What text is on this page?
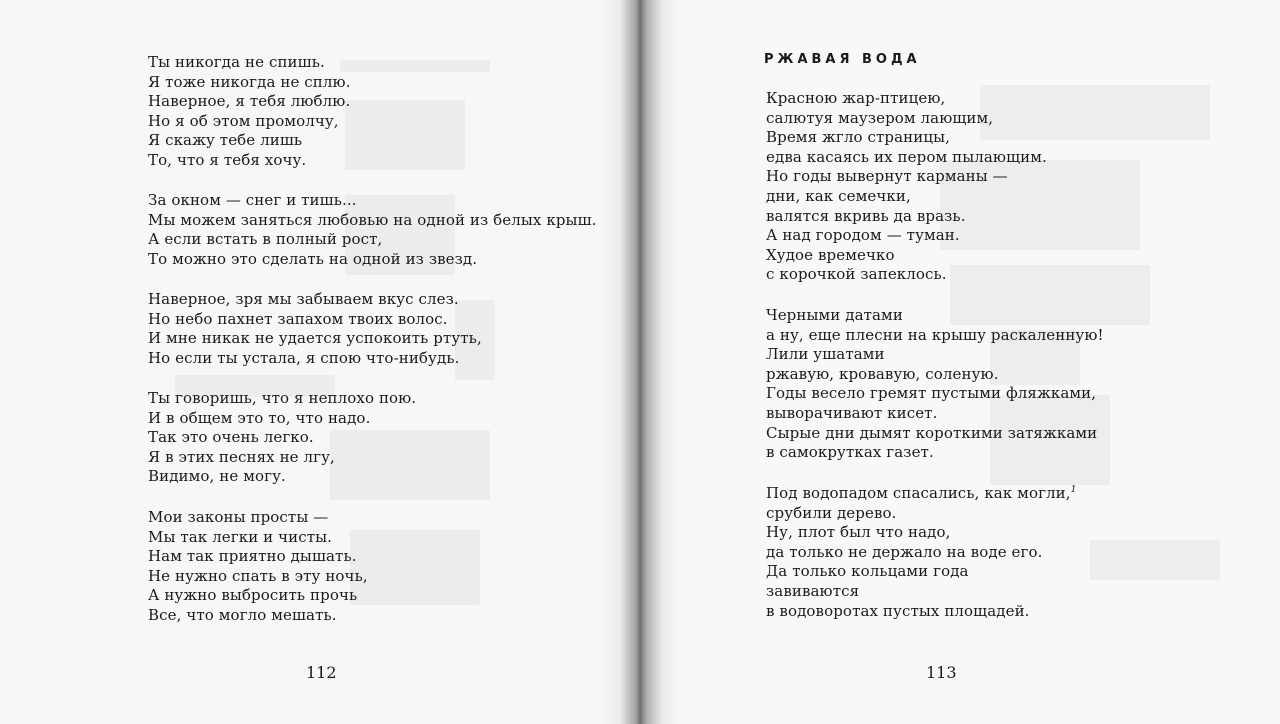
Ты никогда не спишь.
Я тоже никогда не сплю.
Наверное, я тебя люблю.
Но я об этом промолчу,
Я скажу тебе лишь
То, что я тебя хочу.
За окном — снег и тишь...
Мы можем заняться любовью на одной из белых крыш.
А если встать в полный рост,
То можно это сделать на одной из звезд.
Наверное, зря мы забываем вкус слез.
Но небо пахнет запахом твоих волос.
И мне никак не удается успокоить ртуть,
Но если ты устала, я спою что-нибудь.
Ты говоришь, что я неплохо пою.
И в общем это то, что надо.
Так это очень легко.
Я в этих песнях не лгу,
Видимо, не могу.
Мои законы просты —
Мы так легки и чисты.
Нам так приятно дышать.
Не нужно спать в эту ночь,
А нужно выбросить прочь
Все, что могло мешать.
112
РЖАВАЯ ВОДА
Красною жар-птицею,
салютуя маузером лающим,
Время жгло страницы,
едва касаясь их пером пылающим.
Но годы вывернут карманы —
дни, как семечки,
валятся вкривь да вразь.
А над городом — туман.
Худое времечко
с корочкой запеклось.
Черными датами
а ну, еще плесни на крышу раскаленную!
Лили ушатами
ржавую, кровавую, соленую.
Годы весело гремят пустыми фляжками,
выворачивают кисет.
Сырые дни дымят короткими затяжками
в самокрутках газет.
Под водопадом спасались, как могли,$^1$
срубили дерево.
Ну, плот был что надо,
да только не держало на воде его.
Да только кольцами года
завиваются
в водоворотах пустых площадей.
113
